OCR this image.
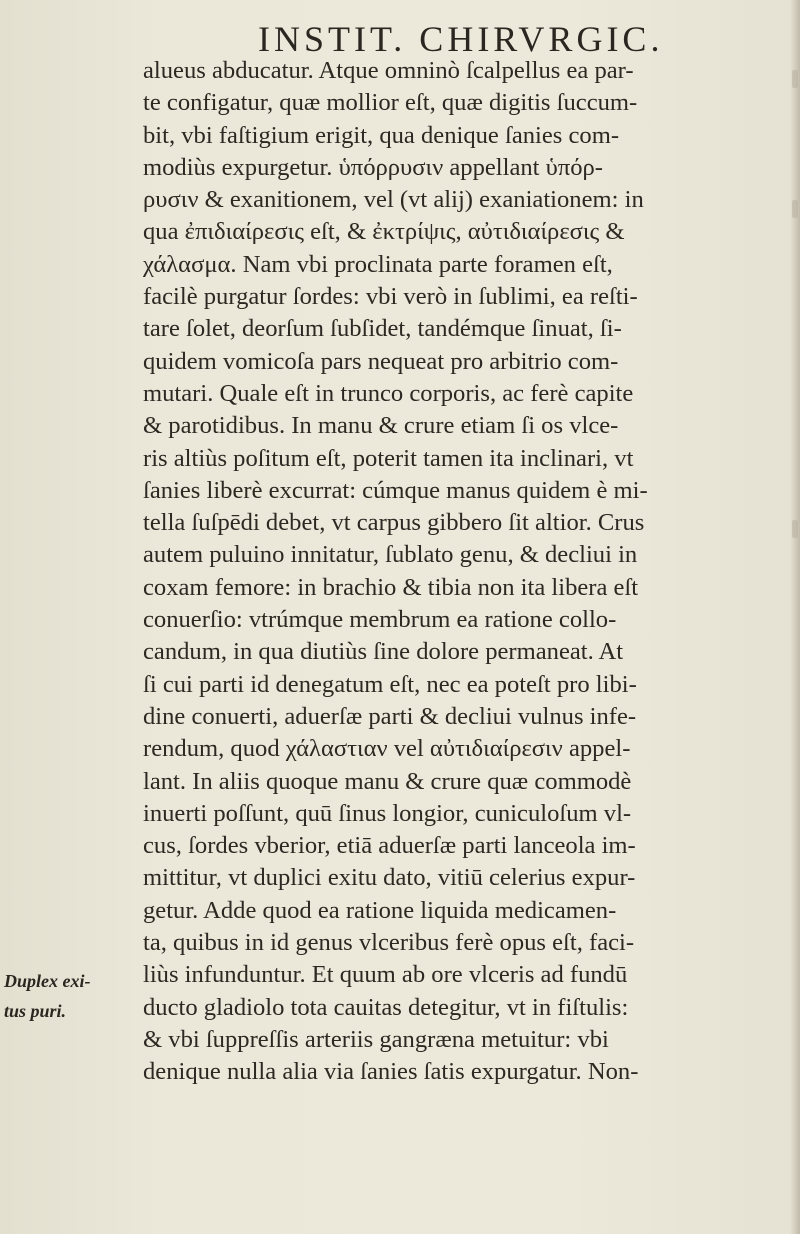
INSTIT. CHIRVRGIC.
Duplex exi-
tus puri.
alueus abducatur. Atque omninò ſcalpellus ea par-
te configatur, quæ mollior eſt, quæ digitis ſuccum-
bit, vbi faſtigium erigit, qua denique ſanies com-
modiùs expurgetur. ὑπόρρυσιν appellant ὑπόρ-
ρυσιν & exanitionem, vel (vt alij) exaniationem: in
qua ἐπιδιαίρεσις eſt, & ἐκτρίψις, αὐτιδιαίρεσις &
χάλασμα. Nam vbi proclinata parte foramen eſt,
facilè purgatur ſordes: vbi verò in ſublimi, ea reſti-
tare ſolet, deorſum ſubſidet, tandémque ſinuat, ſi-
quidem vomicoſa pars nequeat pro arbitrio com-
mutari. Quale eſt in trunco corporis, ac ferè capite
& parotidibus. In manu & crure etiam ſi os vlce-
ris altiùs poſitum eſt, poterit tamen ita inclinari, vt
ſanies liberè excurrat: cúmque manus quidem è mi-
tella ſuſpēdi debet, vt carpus gibbero ſit altior. Crus
autem puluino innitatur, ſublato genu, & decliui in
coxam femore: in brachio & tibia non ita libera eſt
conuerſio: vtrúmque membrum ea ratione collo-
candum, in qua diutiùs ſine dolore permaneat. At
ſi cui parti id denegatum eſt, nec ea poteſt pro libi-
dine conuerti, aduerſæ parti & decliui vulnus infe-
rendum, quod χάλαστιαν vel αὐτιδιαίρεσιν appel-
lant. In aliis quoque manu & crure quæ commodè
inuerti poſſunt, quū ſinus longior, cuniculoſum vl-
cus, ſordes vberior, etiā aduerſæ parti lanceola im-
mittitur, vt duplici exitu dato, vitiū celerius expur-
getur. Adde quod ea ratione liquida medicamen-
ta, quibus in id genus vlceribus ferè opus eſt, faci-
liùs infunduntur. Et quum ab ore vlceris ad fundū
ductо gladiolo tota cauitas detegitur, vt in fiſtulis:
& vbi ſuppreſſis arteriis gangræna metuitur: vbi
denique nulla alia via ſanies ſatis expurgatur. Non-
